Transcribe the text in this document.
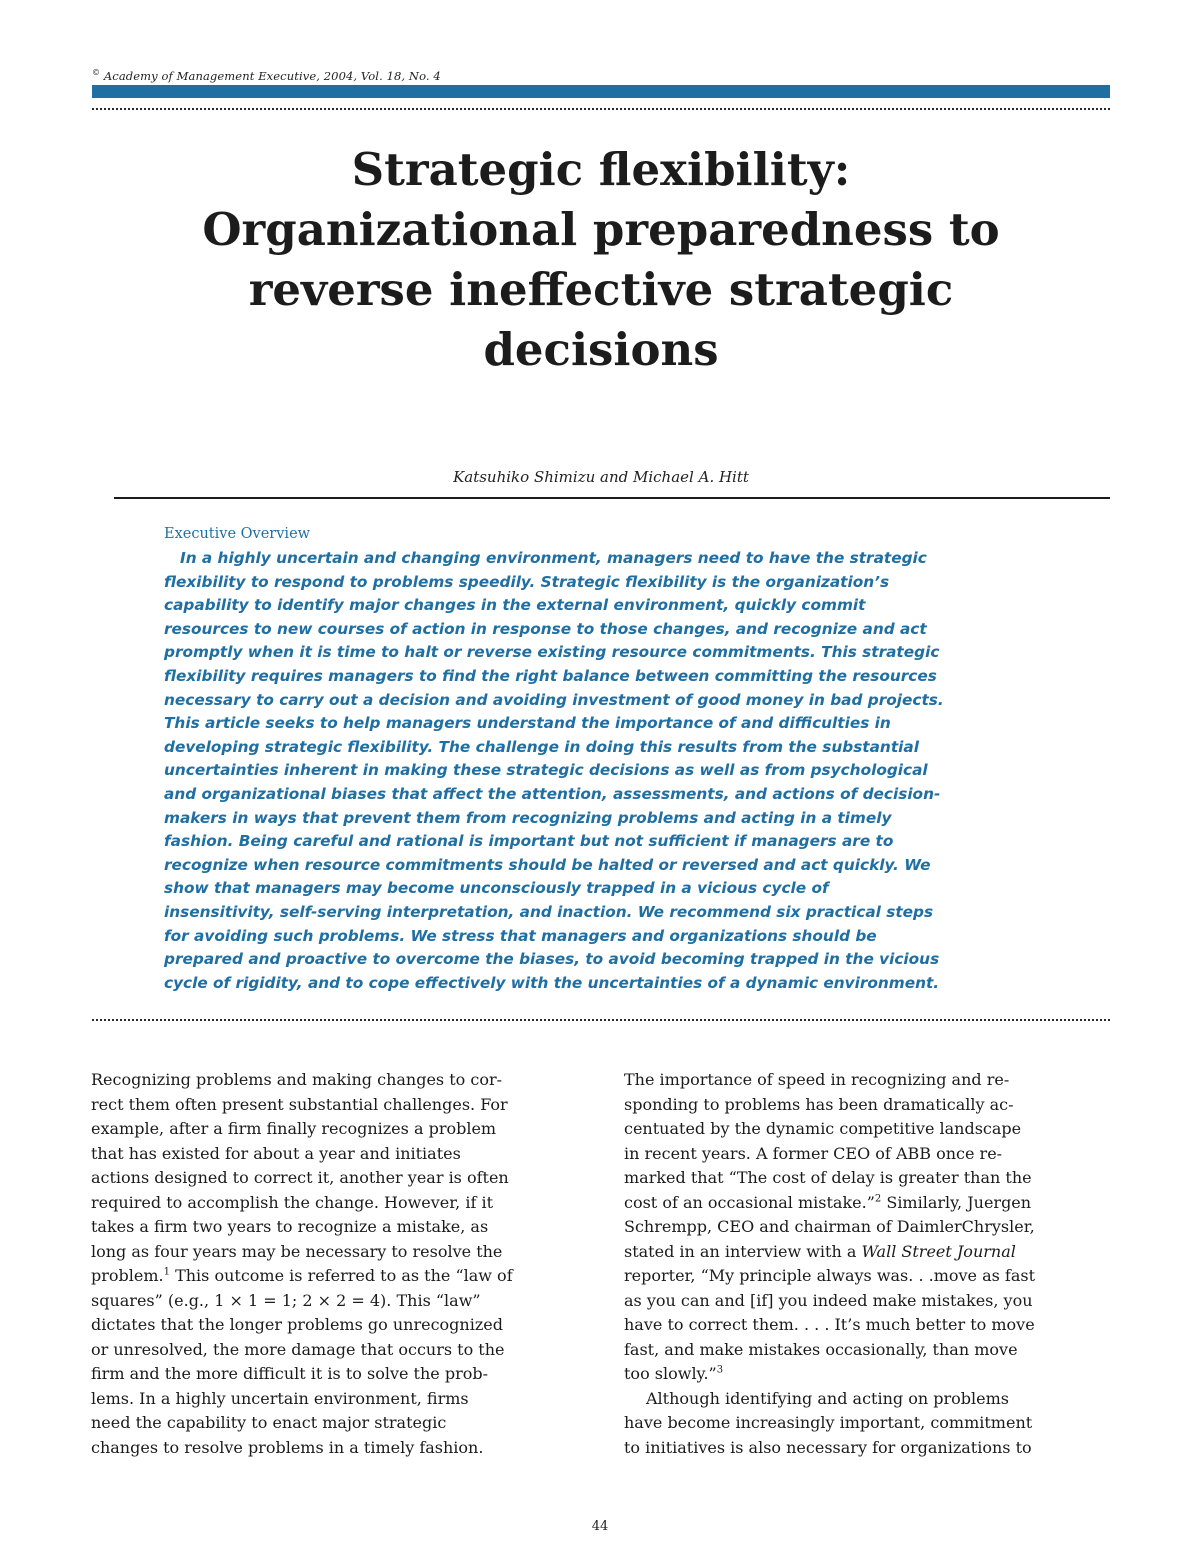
© Academy of Management Executive, 2004, Vol. 18, No. 4
Strategic flexibility:
Organizational preparedness to
reverse ineffective strategic
decisions
Katsuhiko Shimizu and Michael A. Hitt
Executive Overview
In a highly uncertain and changing environment, managers need to have the strategic
flexibility to respond to problems speedily. Strategic flexibility is the organization’s
capability to identify major changes in the external environment, quickly commit
resources to new courses of action in response to those changes, and recognize and act
promptly when it is time to halt or reverse existing resource commitments. This strategic
flexibility requires managers to find the right balance between committing the resources
necessary to carry out a decision and avoiding investment of good money in bad projects.
This article seeks to help managers understand the importance of and difficulties in
developing strategic flexibility. The challenge in doing this results from the substantial
uncertainties inherent in making these strategic decisions as well as from psychological
and organizational biases that affect the attention, assessments, and actions of decision-
makers in ways that prevent them from recognizing problems and acting in a timely
fashion. Being careful and rational is important but not sufficient if managers are to
recognize when resource commitments should be halted or reversed and act quickly. We
show that managers may become unconsciously trapped in a vicious cycle of
insensitivity, self-serving interpretation, and inaction. We recommend six practical steps
for avoiding such problems. We stress that managers and organizations should be
prepared and proactive to overcome the biases, to avoid becoming trapped in the vicious
cycle of rigidity, and to cope effectively with the uncertainties of a dynamic environment.
Recognizing problems and making changes to cor-
rect them often present substantial challenges. For
example, after a firm finally recognizes a problem
that has existed for about a year and initiates
actions designed to correct it, another year is often
required to accomplish the change. However, if it
takes a firm two years to recognize a mistake, as
long as four years may be necessary to resolve the
problem.$^1$ This outcome is referred to as the “law of
squares” (e.g., 1 × 1 = 1; 2 × 2 = 4). This “law”
dictates that the longer problems go unrecognized
or unresolved, the more damage that occurs to the
firm and the more difficult it is to solve the prob-
lems. In a highly uncertain environment, firms
need the capability to enact major strategic
changes to resolve problems in a timely fashion.
The importance of speed in recognizing and re-
sponding to problems has been dramatically ac-
centuated by the dynamic competitive landscape
in recent years. A former CEO of ABB once re-
marked that “The cost of delay is greater than the
cost of an occasional mistake.”$^2$ Similarly, Juergen
Schrempp, CEO and chairman of DaimlerChrysler,
stated in an interview with a Wall Street Journal
reporter, “My principle always was. . .move as fast
as you can and [if] you indeed make mistakes, you
have to correct them. . . . It’s much better to move
fast, and make mistakes occasionally, than move
too slowly.”$^3$
Although identifying and acting on problems
have become increasingly important, commitment
to initiatives is also necessary for organizations to
44
